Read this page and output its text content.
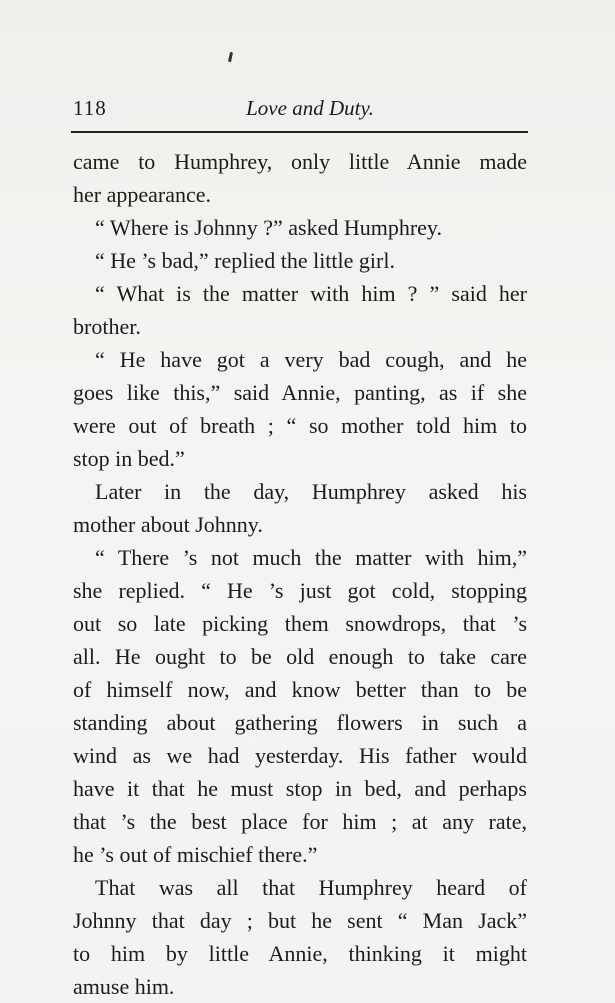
118	Love and Duty.
came to Humphrey, only little Annie made
her appearance.
“ Where is Johnny ?” asked Humphrey.
“ He ’s bad,” replied the little girl.
“ What is the matter with him ? ” said her
brother.
“ He have got a very bad cough, and he
goes like this,” said Annie, panting, as if she
were out of breath ; “ so mother told him to
stop in bed.”
Later in the day, Humphrey asked his
mother about Johnny.
“ There ’s not much the matter with him,”
she replied. “ He ’s just got cold, stopping
out so late picking them snowdrops, that ’s
all. He ought to be old enough to take care
of himself now, and know better than to be
standing about gathering flowers in such a
wind as we had yesterday. His father would
have it that he must stop in bed, and perhaps
that ’s the best place for him ; at any rate,
he ’s out of mischief there.”
That was all that Humphrey heard of
Johnny that day ; but he sent “ Man Jack”
to him by little Annie, thinking it might
amuse him.
